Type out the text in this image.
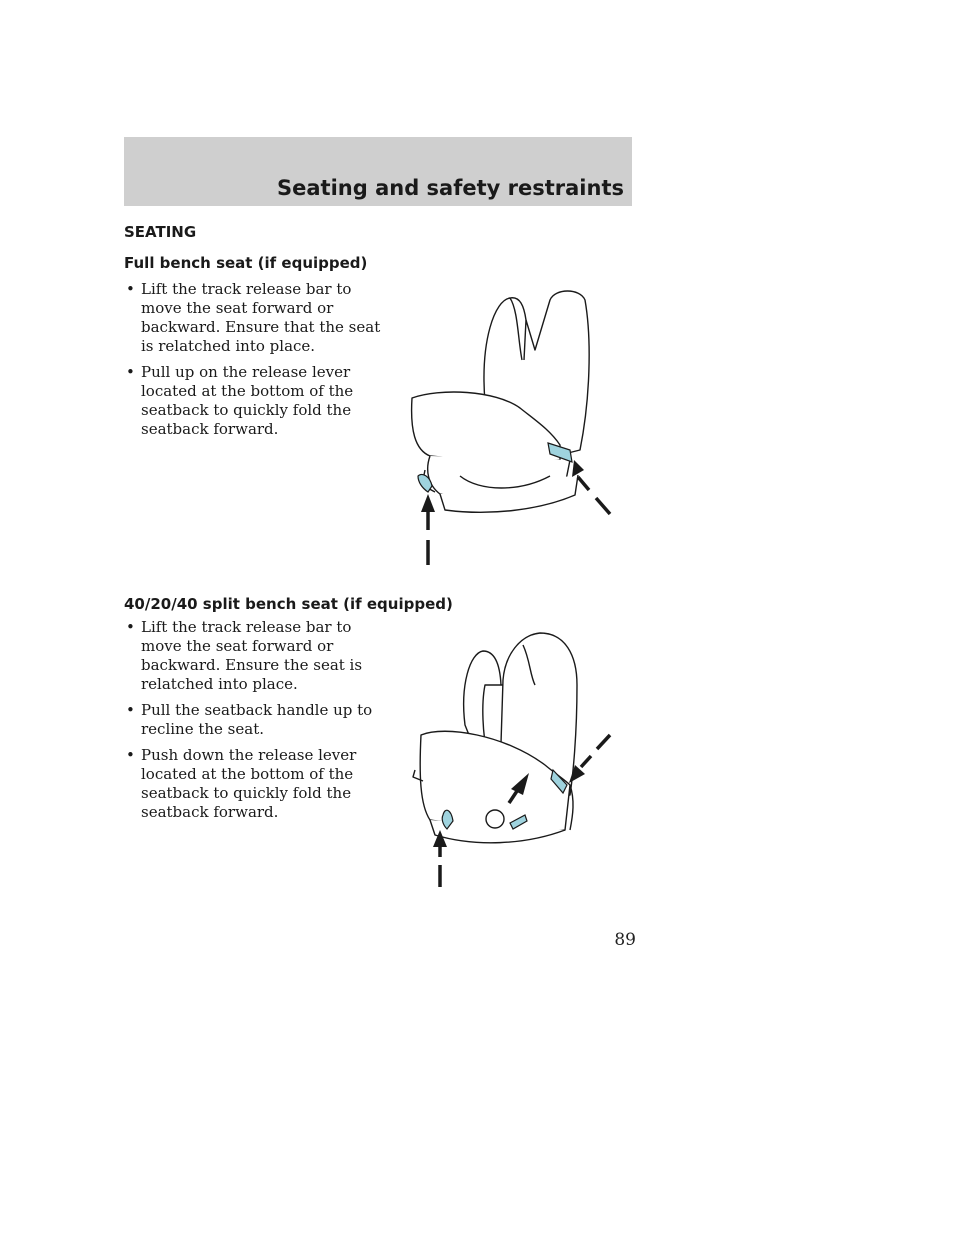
Seating and safety restraints
SEATING
Full bench seat (if equipped)
• Lift the track release bar to move the seat forward or backward. Ensure that the seat is relatched into place.
• Pull up on the release lever located at the bottom of the seatback to quickly fold the seatback forward.
40/20/40 split bench seat (if equipped)
• Lift the track release bar to move the seat forward or backward. Ensure the seat is relatched into place.
• Pull the seatback handle up to recline the seat.
• Push down the release lever located at the bottom of the seatback to quickly fold the seatback forward.
89
